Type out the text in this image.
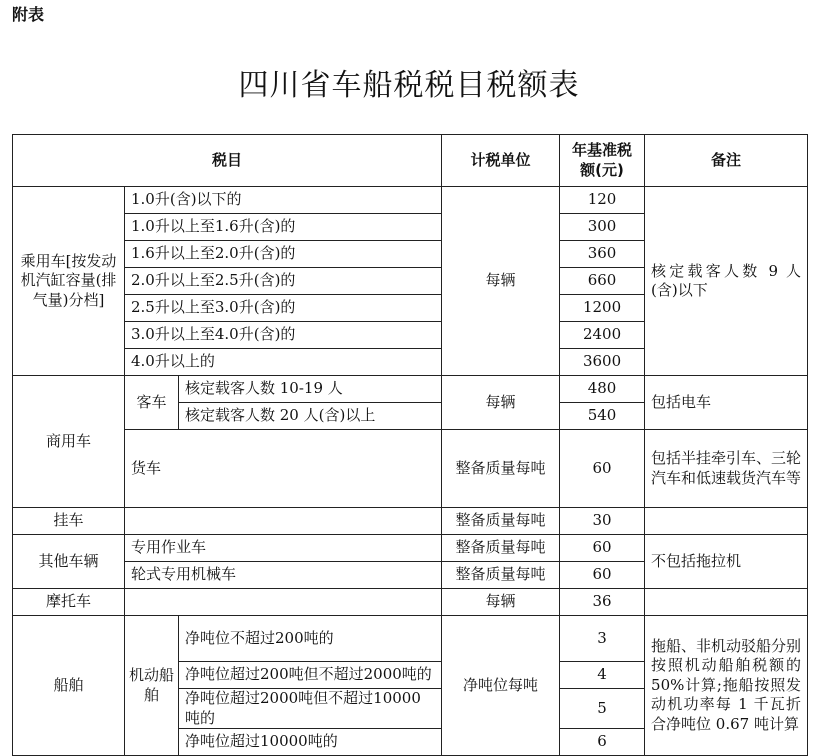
附表
四川省车船税税目税额表
税目			计税单位	年基准税额(元)	备注
乘用车[按发动机汽缸容量(排气量)分档]	1.0升(含)以下的		每辆	120	核定载客人数 9 人(含)以下
	1.0升以上至1.6升(含)的			300	
	1.6升以上至2.0升(含)的			360	
	2.0升以上至2.5升(含)的			660	
	2.5升以上至3.0升(含)的			1200	
	3.0升以上至4.0升(含)的			2400	
	4.0升以上的			3600	
商用车	客车	核定载客人数 10-19 人	每辆	480	包括电车
		核定载客人数 20 人(含)以上		540	
	货车		整备质量每吨	60	包括半挂牵引车、三轮汽车和低速载货汽车等
挂车			整备质量每吨	30	
其他车辆	专用作业车		整备质量每吨	60	不包括拖拉机
	轮式专用机械车		整备质量每吨	60	
摩托车			每辆	36	
船舶	机动船舶	净吨位不超过200吨的	净吨位每吨	3	拖船、非机动驳船分别按照机动船舶税额的50%计算;拖船按照发动机功率每 1 千瓦折合净吨位 0.67 吨计算
		净吨位超过200吨但不超过2000吨的		4	
		净吨位超过2000吨但不超过10000吨的		5	
		净吨位超过10000吨的		6	
